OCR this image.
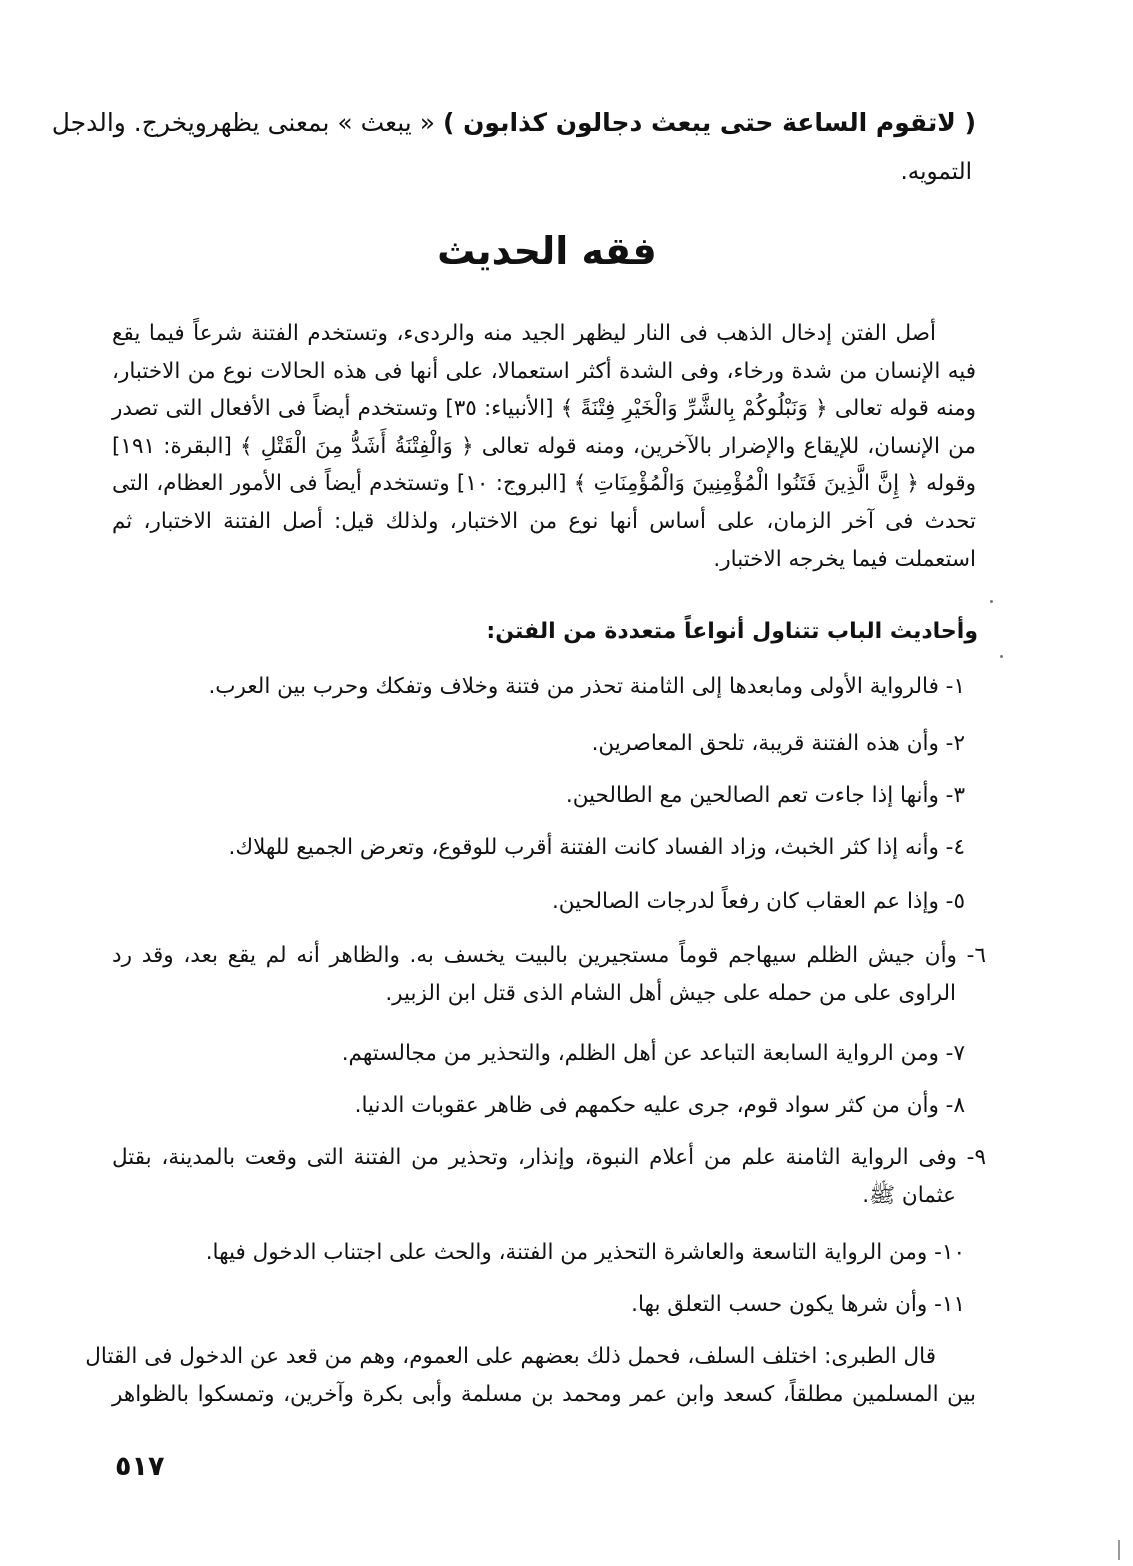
( لاتقوم الساعة حتى يبعث دجالون كذابون ) « يبعث » بمعنى يظهرويخرج. والدجل
التمويه.
فقه الحديث
أصل الفتن إدخال الذهب فى النار ليظهر الجيد منه والردىء، وتستخدم الفتنة شرعاً فيما يقع
فيه الإنسان من شدة ورخاء، وفى الشدة أكثر استعمالا، على أنها فى هذه الحالات نوع من الاختبار،
ومنه قوله تعالى ﴿ وَنَبْلُوكُمْ بِالشَّرِّ وَالْخَيْرِ فِتْنَةً ﴾ [الأنبياء: ٣٥] وتستخدم أيضاً فى الأفعال التى تصدر
من الإنسان، للإيقاع والإضرار بالآخرين، ومنه قوله تعالى ﴿ وَالْفِتْنَةُ أَشَدُّ مِنَ الْقَتْلِ ﴾ [البقرة: ١٩١]
وقوله ﴿ إِنَّ الَّذِينَ فَتَنُوا الْمُؤْمِنِينَ وَالْمُؤْمِنَاتِ ﴾ [البروج: ١٠] وتستخدم أيضاً فى الأمور العظام، التى
تحدث فى آخر الزمان، على أساس أنها نوع من الاختبار، ولذلك قيل: أصل الفتنة الاختبار، ثم
استعملت فيما يخرجه الاختبار.
وأحاديث الباب تتناول أنواعاً متعددة من الفتن:
١- فالرواية الأولى ومابعدها إلى الثامنة تحذر من فتنة وخلاف وتفكك وحرب بين العرب.
٢- وأن هذه الفتنة قريبة، تلحق المعاصرين.
٣- وأنها إذا جاءت تعم الصالحين مع الطالحين.
٤- وأنه إذا كثر الخبث، وزاد الفساد كانت الفتنة أقرب للوقوع، وتعرض الجميع للهلاك.
٥- وإذا عم العقاب كان رفعاً لدرجات الصالحين.
٦- وأن جيش الظلم سيهاجم قوماً مستجيرين بالبيت يخسف به. والظاهر أنه لم يقع بعد، وقد رد
الراوى على من حمله على جيش أهل الشام الذى قتل ابن الزبير.
٧- ومن الرواية السابعة التباعد عن أهل الظلم، والتحذير من مجالستهم.
٨- وأن من كثر سواد قوم، جرى عليه حكمهم فى ظاهر عقوبات الدنيا.
٩- وفى الرواية الثامنة علم من أعلام النبوة، وإنذار، وتحذير من الفتنة التى وقعت بالمدينة، بقتل
عثمان ﷺ.
١٠- ومن الرواية التاسعة والعاشرة التحذير من الفتنة، والحث على اجتناب الدخول فيها.
١١- وأن شرها يكون حسب التعلق بها.
قال الطبرى: اختلف السلف، فحمل ذلك بعضهم على العموم، وهم من قعد عن الدخول فى القتال
بين المسلمين مطلقاً، كسعد وابن عمر ومحمد بن مسلمة وأبى بكرة وآخرين، وتمسكوا بالظواهر
٥١٧
